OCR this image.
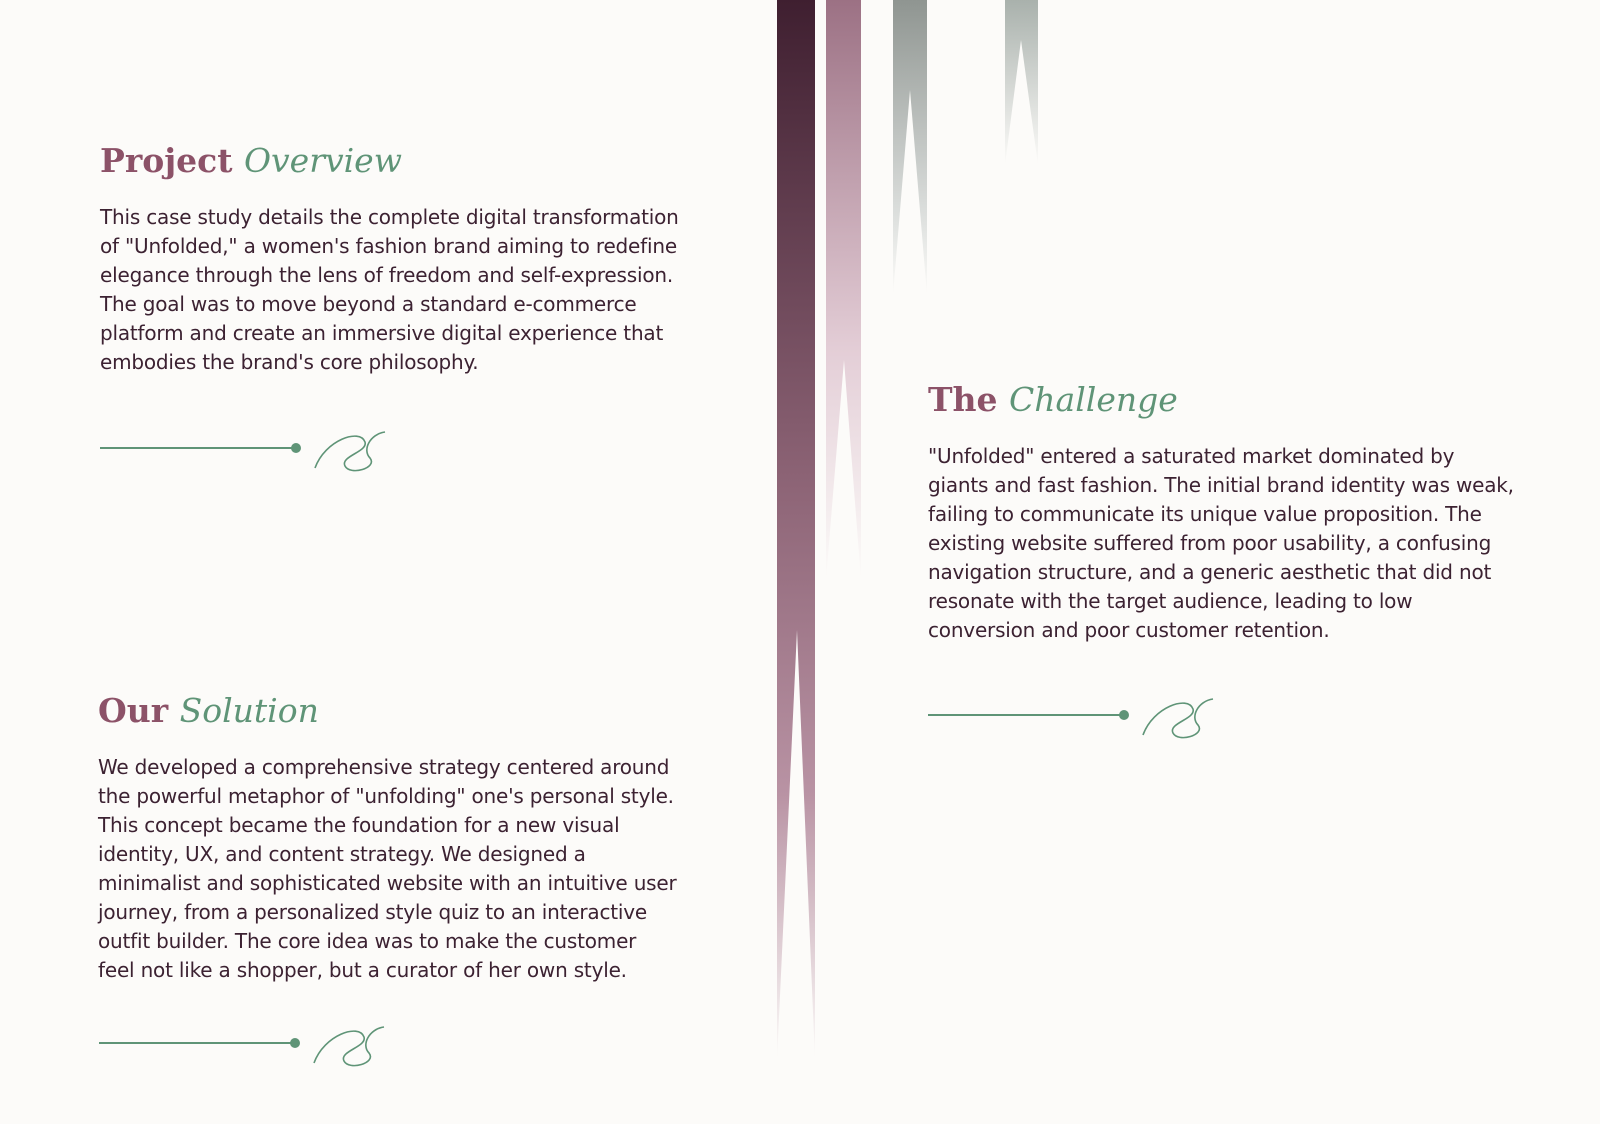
Project Overview

This case study details the complete digital transformation of "Unfolded," a women's fashion brand aiming to redefine elegance through the lens of freedom and self-expression. The goal was to move beyond a standard e-commerce platform and create an immersive digital experience that embodies the brand's core philosophy.

Our Solution

We developed a comprehensive strategy centered around the powerful metaphor of "unfolding" one's personal style. This concept became the foundation for a new visual identity, UX, and content strategy. We designed a minimalist and sophisticated website with an intuitive user journey, from a personalized style quiz to an interactive outfit builder. The core idea was to make the customer feel not like a shopper, but a curator of her own style.

The Challenge

"Unfolded" entered a saturated market dominated by giants and fast fashion. The initial brand identity was weak, failing to communicate its unique value proposition. The existing website suffered from poor usability, a confusing navigation structure, and a generic aesthetic that did not resonate with the target audience, leading to low conversion and poor customer retention.
